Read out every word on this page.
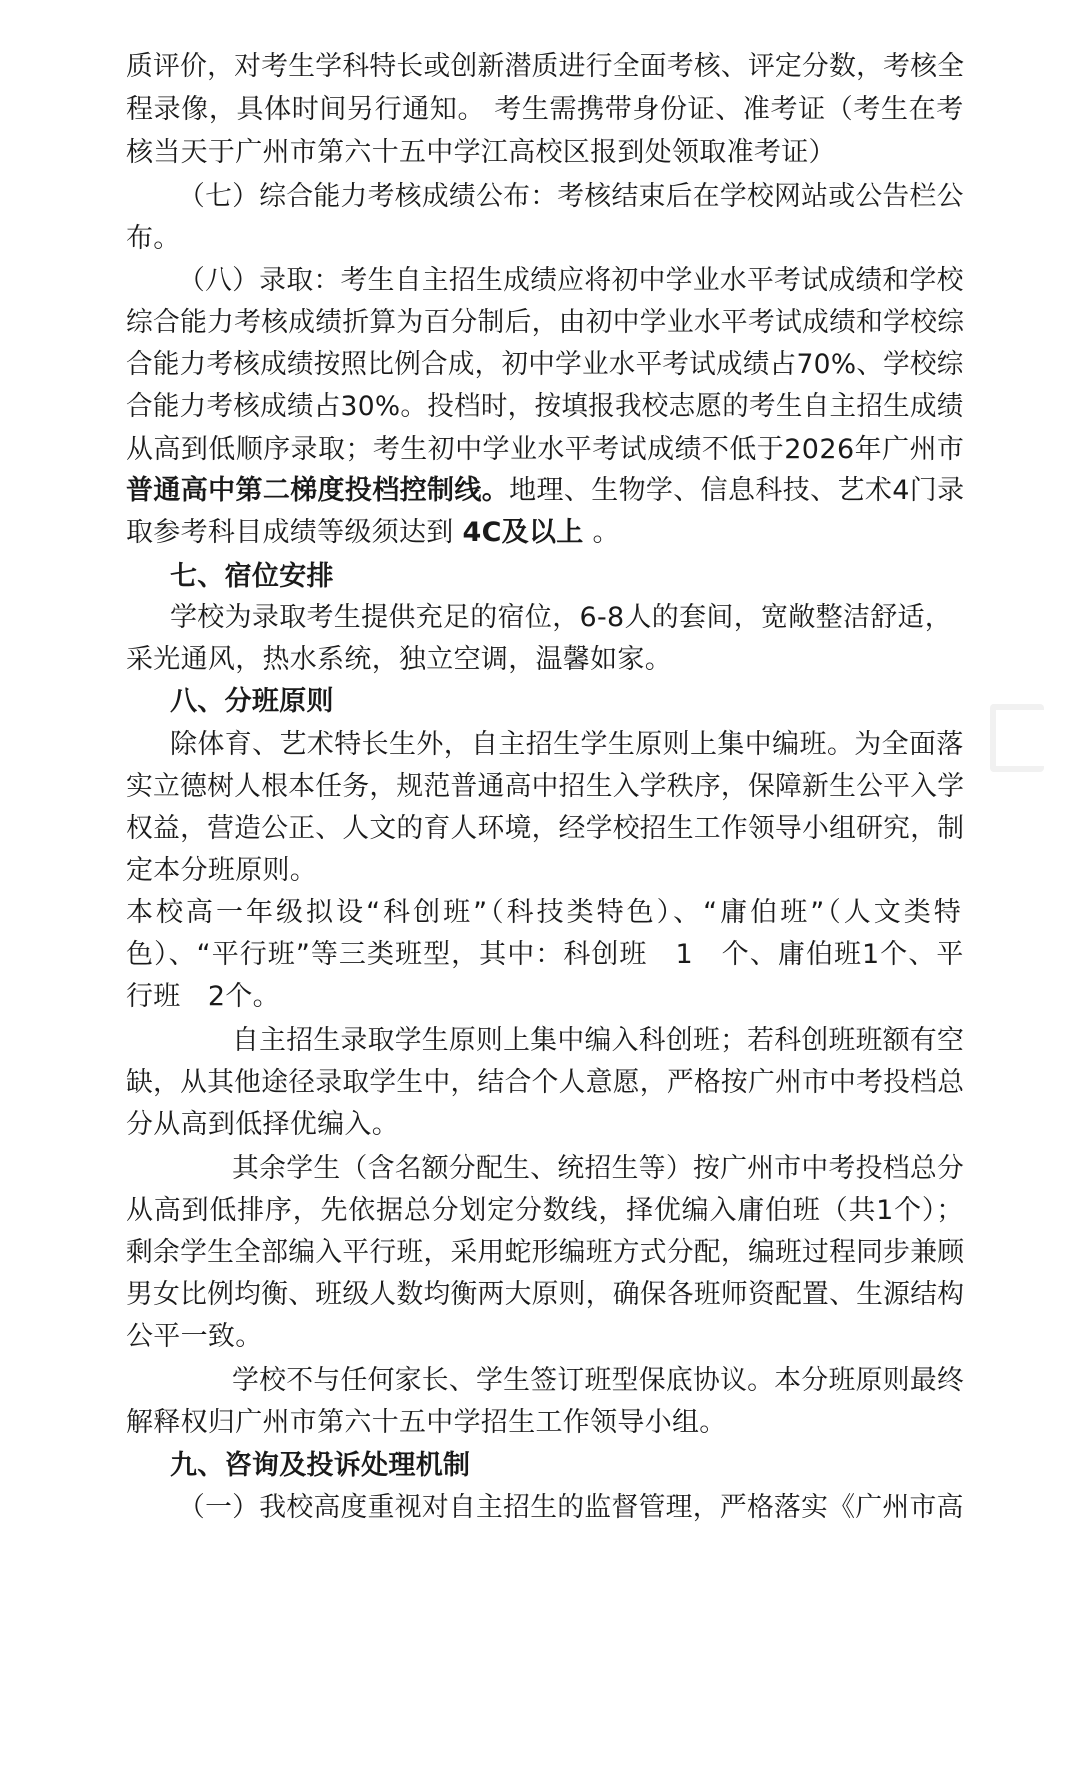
质评价，对考生学科特长或创新潜质进行全面考核、评定分数，考核全
程录像，具体时间另行通知。 考生需携带身份证、准考证（考生在考
核当天于广州市第六十五中学江高校区报到处领取准考证）
（七）综合能力考核成绩公布：考核结束后在学校网站或公告栏公
布。
（八）录取：考生自主招生成绩应将初中学业水平考试成绩和学校
综合能力考核成绩折算为百分制后，由初中学业水平考试成绩和学校综
合能力考核成绩按照比例合成，初中学业水平考试成绩占70%、学校综
合能力考核成绩占30%。投档时，按填报我校志愿的考生自主招生成绩
从高到低顺序录取；考生初中学业水平考试成绩不低于2026年广州市
普通高中第二梯度投档控制线。地理、生物学、信息科技、艺术4门录
取参考科目成绩等级须达到 4C及以上 。
七、宿位安排
学校为录取考生提供充足的宿位，6-8人的套间，宽敞整洁舒适，
采光通风，热水系统，独立空调，温馨如家。
八、分班原则
除体育、艺术特长生外，自主招生学生原则上集中编班。为全面落
实立德树人根本任务，规范普通高中招生入学秩序，保障新生公平入学
权益，营造公正、人文的育人环境，经学校招生工作领导小组研究，制
定本分班原则。
本校高一年级拟设“科创班”（科技类特色）、“庸伯班”（人文类特
色）、“平行班”等三类班型，其中：科创班　1　个、庸伯班1个、平
行班　2个。
自主招生录取学生原则上集中编入科创班；若科创班班额有空
缺，从其他途径录取学生中，结合个人意愿，严格按广州市中考投档总
分从高到低择优编入。
其余学生（含名额分配生、统招生等）按广州市中考投档总分
从高到低排序，先依据总分划定分数线，择优编入庸伯班（共1个）；
剩余学生全部编入平行班，采用蛇形编班方式分配，编班过程同步兼顾
男女比例均衡、班级人数均衡两大原则，确保各班师资配置、生源结构
公平一致。
学校不与任何家长、学生签订班型保底协议。本分班原则最终
解释权归广州市第六十五中学招生工作领导小组。
九、咨询及投诉处理机制
（一）我校高度重视对自主招生的监督管理，严格落实《广州市高
